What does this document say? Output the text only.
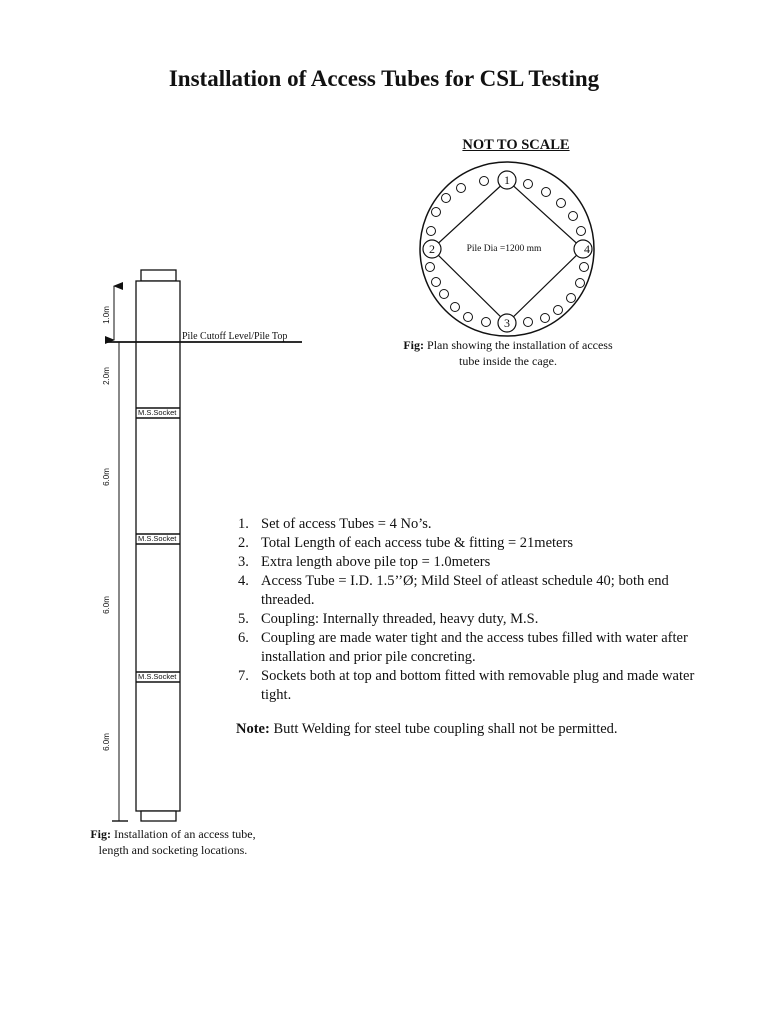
Installation of Access Tubes for CSL Testing
NOT TO SCALE
1
2
3
4
Pile Dia =1200 mm
Pile Cutoff Level/Pile Top
M.S.Socket
M.S.Socket
M.S.Socket
1.0m
2.0m
6.0m
6.0m
6.0m
Fig: Plan showing the installation of access tube inside the cage.
Fig: Installation of an access tube,
length and socketing locations.
1. Set of access Tubes = 4 No’s.
2. Total Length of each access tube & fitting = 21meters
3. Extra length above pile top = 1.0meters
4. Access Tube = I.D. 1.5’’Ø; Mild Steel of atleast schedule 40; both end threaded.
5. Coupling: Internally threaded, heavy duty, M.S.
6. Coupling are made water tight and the access tubes filled with water after installation and prior pile concreting.
7. Sockets both at top and bottom fitted with removable plug and made water tight.
Note: Butt Welding for steel tube coupling shall not be permitted.
